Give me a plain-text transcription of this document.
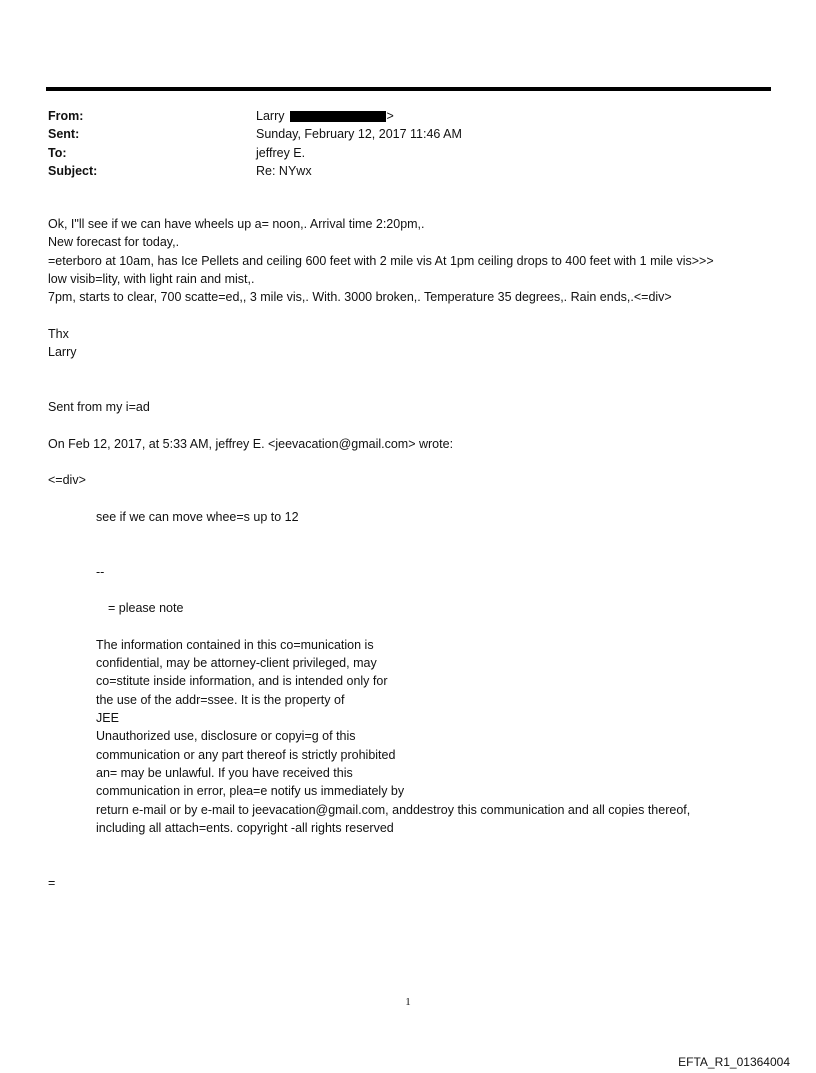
From:	Larry	>
Sent:	Sunday, February 12, 2017 11:46 AM
To:	jeffrey E.
Subject:	Re: NYwx
Ok, I"ll see if we can have wheels up a= noon,. Arrival time 2:20pm,.
New forecast for today,.
=eterboro at 10am, has Ice Pellets and ceiling 600 feet with 2 mile vis At 1pm ceiling drops to 400 feet with 1 mile vis>>>
low visib=lity, with light rain and mist,.
7pm, starts to clear, 700 scatte=ed,, 3 mile vis,. With. 3000 broken,. Temperature 35 degrees,. Rain ends,.<=div>
Thx
Larry
Sent from my i=ad
On Feb 12, 2017, at 5:33 AM, jeffrey E. <jeevacation@gmail.com> wrote:
<=div>
see if we can move whee=s up to 12
--
= please note
The information contained in this co=munication is
confidential, may be attorney-client privileged, may
co=stitute inside information, and is intended only for
the use of the addr=ssee. It is the property of
JEE
Unauthorized use, disclosure or copyi=g of this
communication or any part thereof is strictly prohibited
an= may be unlawful. If you have received this
communication in error, plea=e notify us immediately by
return e-mail or by e-mail to jeevacation@gmail.com, anddestroy this communication and all copies thereof,
including all attach=ents. copyright -all rights reserved
=
1
EFTA_R1_01364004
